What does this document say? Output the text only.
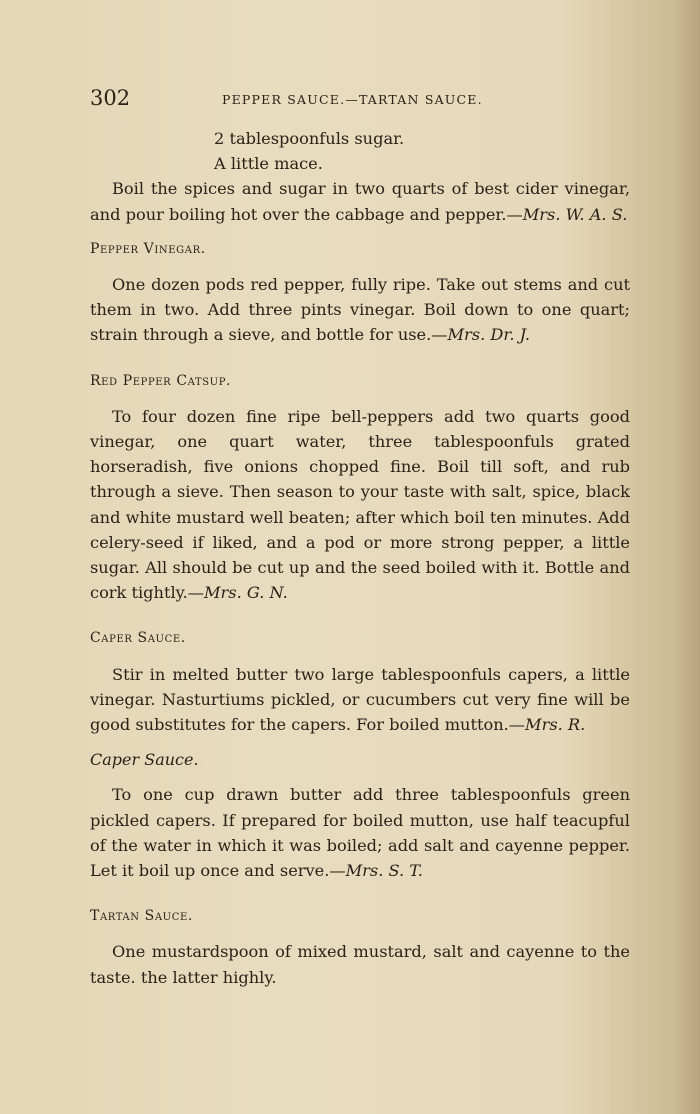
302	PEPPER SAUCE.—TARTAN SAUCE.

2 tablespoonfuls sugar.

A little mace.

Boil the spices and sugar in two quarts of best cider vinegar, and pour boiling hot over the cabbage and pepper.—Mrs. W. A. S.

Pepper Vinegar.

One dozen pods red pepper, fully ripe. Take out stems and cut them in two. Add three pints vinegar. Boil down to one quart; strain through a sieve, and bottle for use.—Mrs. Dr. J.

Red Pepper Catsup.

To four dozen fine ripe bell-peppers add two quarts good vinegar, one quart water, three tablespoonfuls grated horseradish, five onions chopped fine. Boil till soft, and rub through a sieve. Then season to your taste with salt, spice, black and white mustard well beaten; after which boil ten minutes. Add celery-seed if liked, and a pod or more strong pepper, a little sugar. All should be cut up and the seed boiled with it. Bottle and cork tightly.—Mrs. G. N.

Caper Sauce.

Stir in melted butter two large tablespoonfuls capers, a little vinegar. Nasturtiums pickled, or cucumbers cut very fine will be good substitutes for the capers. For boiled mutton.—Mrs. R.

Caper Sauce.

To one cup drawn butter add three tablespoonfuls green pickled capers. If prepared for boiled mutton, use half teacupful of the water in which it was boiled; add salt and cayenne pepper. Let it boil up once and serve.—Mrs. S. T.

Tartan Sauce.

One mustardspoon of mixed mustard, salt and cayenne to the taste. the latter highly.
